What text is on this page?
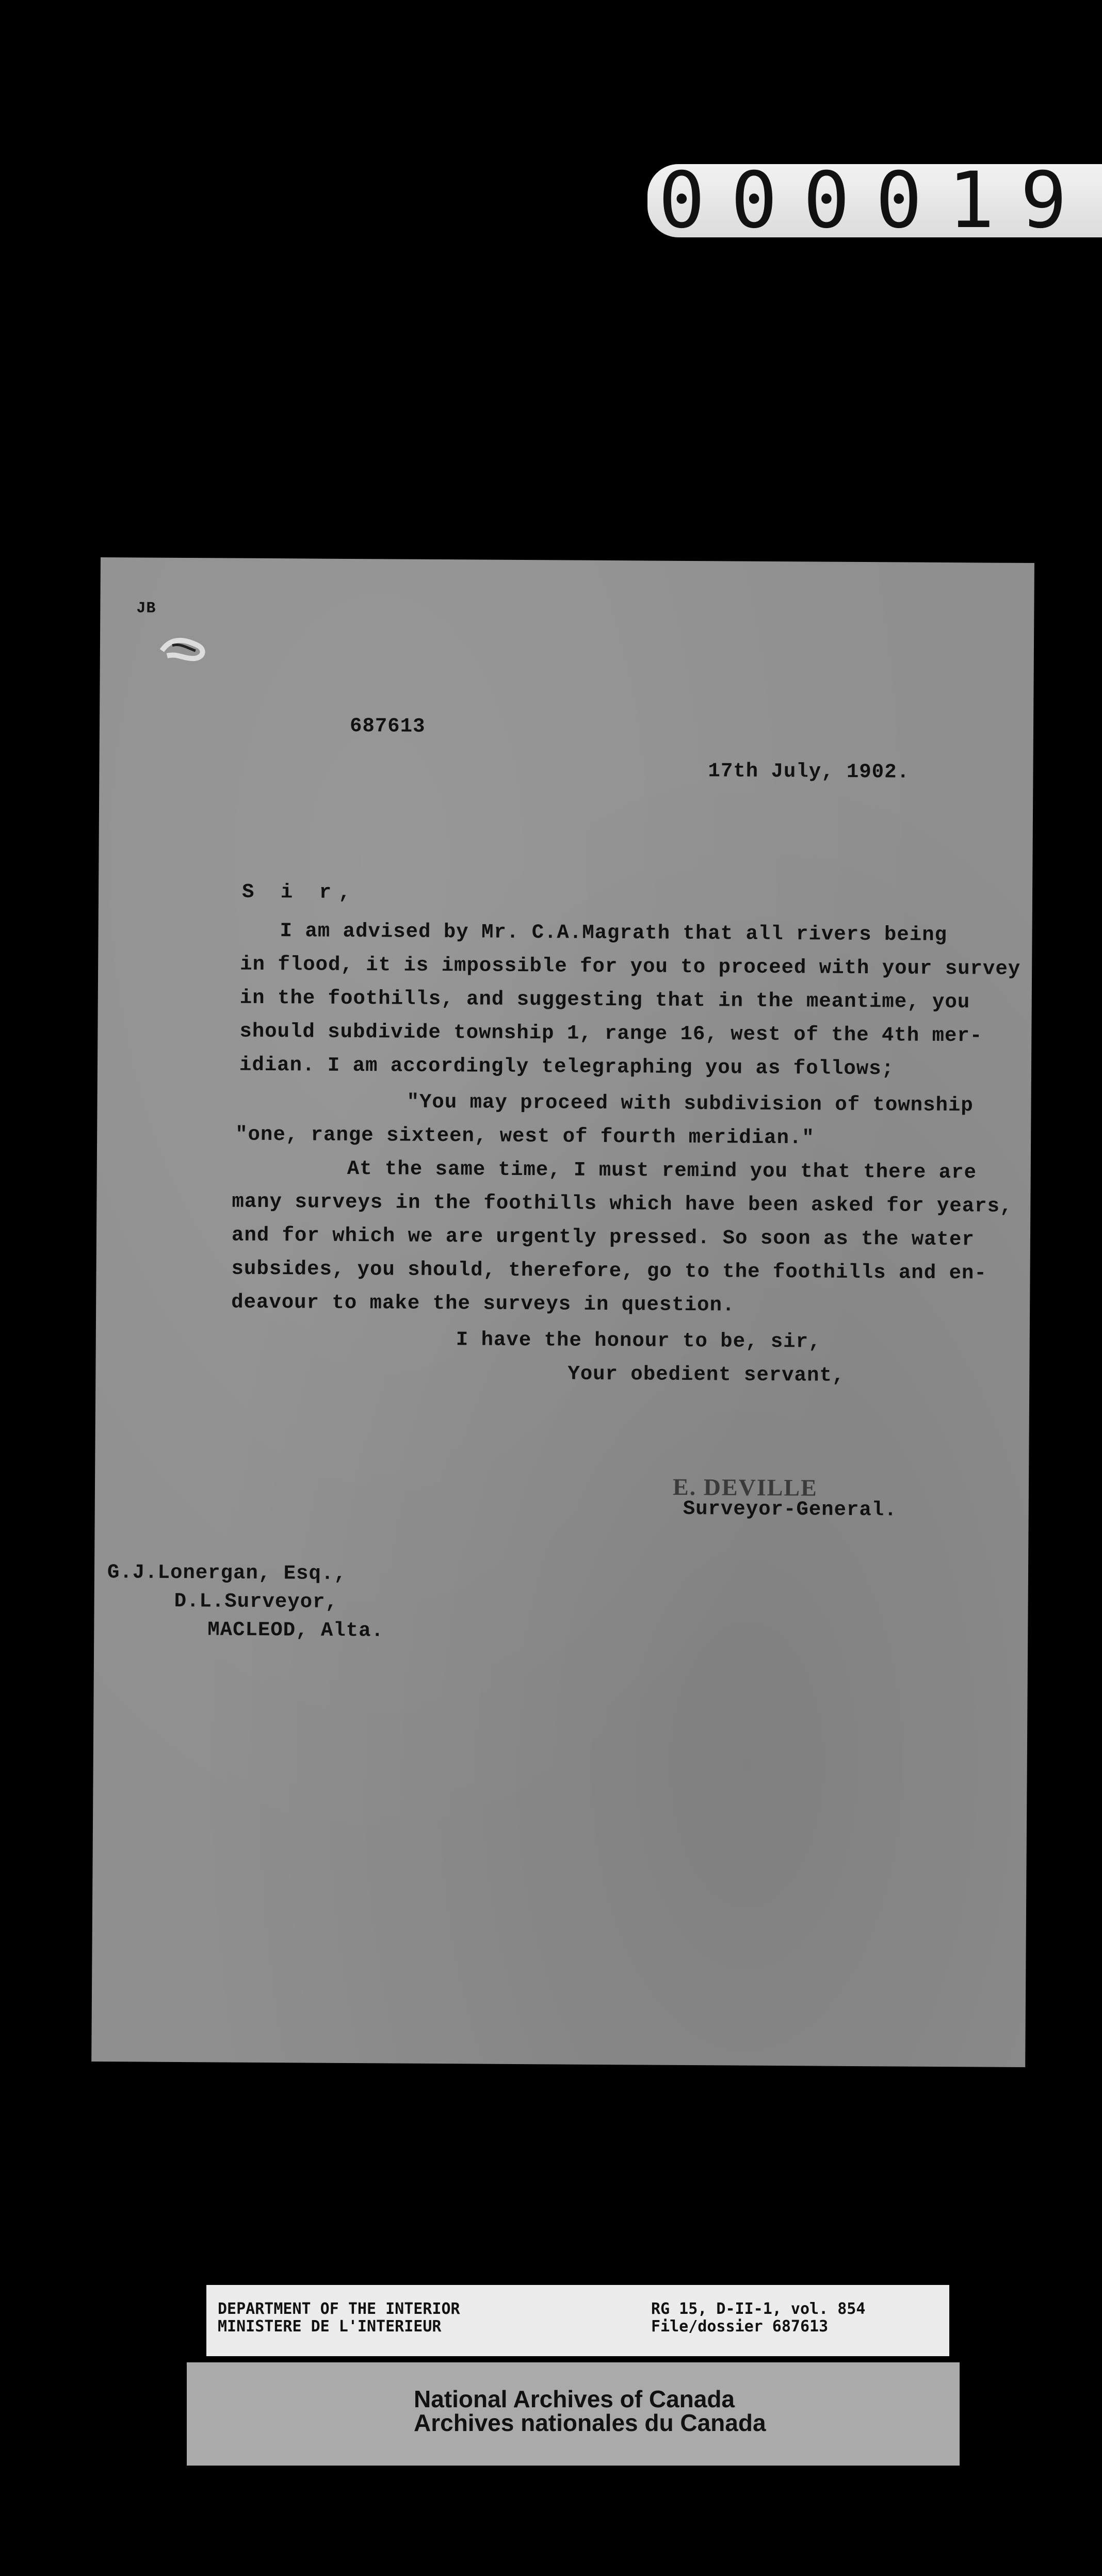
000019
JB
687613
17th July, 1902.
S i r,
I am advised by Mr. C.A.Magrath that all rivers being
in flood, it is impossible for you to proceed with your survey
in the foothills, and suggesting that in the meantime, you
should subdivide township 1, range 16, west of the 4th mer-
idian. I am accordingly telegraphing you as follows;
"You may proceed with subdivision of township
"one, range sixteen, west of fourth meridian."
At the same time, I must remind you that there are
many surveys in the foothills which have been asked for years,
and for which we are urgently pressed. So soon as the water
subsides, you should, therefore, go to the foothills and en-
deavour to make the surveys in question.
I have the honour to be, sir,
Your obedient servant,
E. DEVILLE
Surveyor-General.
G.J.Lonergan, Esq.,
D.L.Surveyor,
MACLEOD, Alta.
DEPARTMENT OF THE INTERIOR
MINISTERE DE L'INTERIEUR
RG 15, D-II-1, vol. 854
File/dossier 687613
National Archives of Canada
Archives nationales du Canada
